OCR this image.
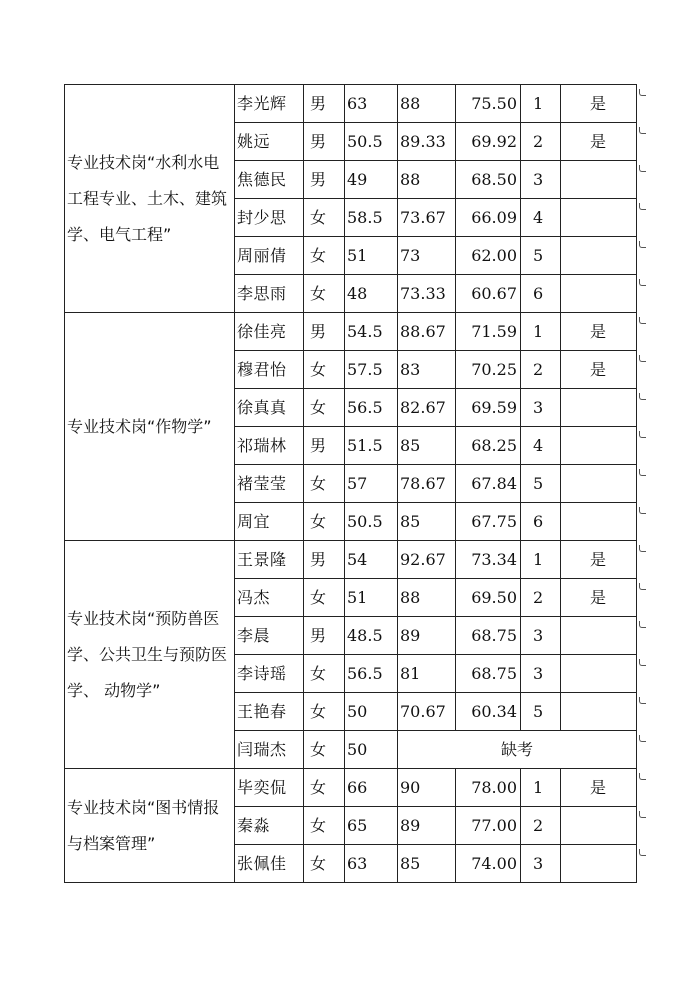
专业技术岗“水利水电工程专业、土木、建筑学、电气工程”	李光辉	男	63	88	75.50	1	是
	姚远	男	50.5	89.33	69.92	2	是
	焦德民	男	49	88	68.50	3	
	封少思	女	58.5	73.67	66.09	4	
	周丽倩	女	51	73	62.00	5	
	李思雨	女	48	73.33	60.67	6	
专业技术岗“作物学”	徐佳亮	男	54.5	88.67	71.59	1	是
	穆君怡	女	57.5	83	70.25	2	是
	徐真真	女	56.5	82.67	69.59	3	
	祁瑞林	男	51.5	85	68.25	4	
	褚莹莹	女	57	78.67	67.84	5	
	周宜	女	50.5	85	67.75	6	
专业技术岗“预防兽医学、公共卫生与预防医学、 动物学”	王景隆	男	54	92.67	73.34	1	是
	冯杰	女	51	88	69.50	2	是
	李晨	男	48.5	89	68.75	3	
	李诗瑶	女	56.5	81	68.75	3	
	王艳春	女	50	70.67	60.34	5	
	闫瑞杰	女	50	缺考			
专业技术岗“图书情报与档案管理”	毕奕侃	女	66	90	78.00	1	是
	秦淼	女	65	89	77.00	2	
	张佩佳	女	63	85	74.00	3	
